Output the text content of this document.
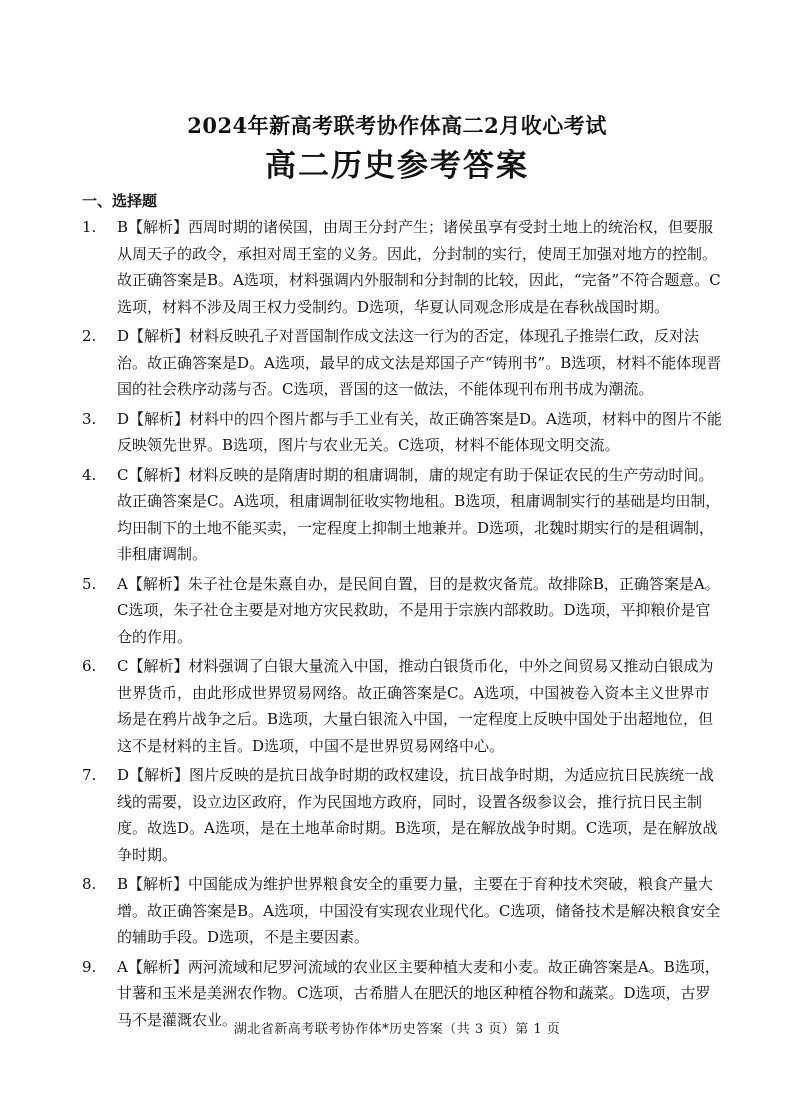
2024年新高考联考协作体高二2月收心考试
高二历史参考答案
一、选择题
1. B【解析】西周时期的诸侯国，由周王分封产生；诸侯虽享有受封土地上的统治权，但要服从周天子的政令，承担对周王室的义务。因此，分封制的实行，使周王加强对地方的控制。故正确答案是B。A选项，材料强调内外服制和分封制的比较，因此，“完备”不符合题意。C选项，材料不涉及周王权力受制约。D选项，华夏认同观念形成是在春秋战国时期。
2. D【解析】材料反映孔子对晋国制作成文法这一行为的否定，体现孔子推崇仁政，反对法治。故正确答案是D。A选项，最早的成文法是郑国子产“铸刑书”。B选项，材料不能体现晋国的社会秩序动荡与否。C选项，晋国的这一做法，不能体现刊布刑书成为潮流。
3. D【解析】材料中的四个图片都与手工业有关，故正确答案是D。A选项，材料中的图片不能反映领先世界。B选项，图片与农业无关。C选项，材料不能体现文明交流。
4. C【解析】材料反映的是隋唐时期的租庸调制，庸的规定有助于保证农民的生产劳动时间。故正确答案是C。A选项，租庸调制征收实物地租。B选项，租庸调制实行的基础是均田制，均田制下的土地不能买卖，一定程度上抑制土地兼并。D选项，北魏时期实行的是租调制，非租庸调制。
5. A【解析】朱子社仓是朱熹自办，是民间自置，目的是救灾备荒。故排除B，正确答案是A。C选项，朱子社仓主要是对地方灾民救助，不是用于宗族内部救助。D选项，平抑粮价是官仓的作用。
6. C【解析】材料强调了白银大量流入中国，推动白银货币化，中外之间贸易又推动白银成为世界货币，由此形成世界贸易网络。故正确答案是C。A选项，中国被卷入资本主义世界市场是在鸦片战争之后。B选项，大量白银流入中国，一定程度上反映中国处于出超地位，但这不是材料的主旨。D选项，中国不是世界贸易网络中心。
7. D【解析】图片反映的是抗日战争时期的政权建设，抗日战争时期，为适应抗日民族统一战线的需要，设立边区政府，作为民国地方政府，同时，设置各级参议会，推行抗日民主制度。故选D。A选项，是在土地革命时期。B选项，是在解放战争时期。C选项，是在解放战争时期。
8. B【解析】中国能成为维护世界粮食安全的重要力量，主要在于育种技术突破，粮食产量大增。故正确答案是B。A选项，中国没有实现农业现代化。C选项，储备技术是解决粮食安全的辅助手段。D选项，不是主要因素。
9. A【解析】两河流域和尼罗河流域的农业区主要种植大麦和小麦。故正确答案是A。B选项，甘薯和玉米是美洲农作物。C选项，古希腊人在肥沃的地区种植谷物和蔬菜。D选项，古罗马不是灌溉农业。
湖北省新高考联考协作体*历史答案（共 3 页）第 1 页
